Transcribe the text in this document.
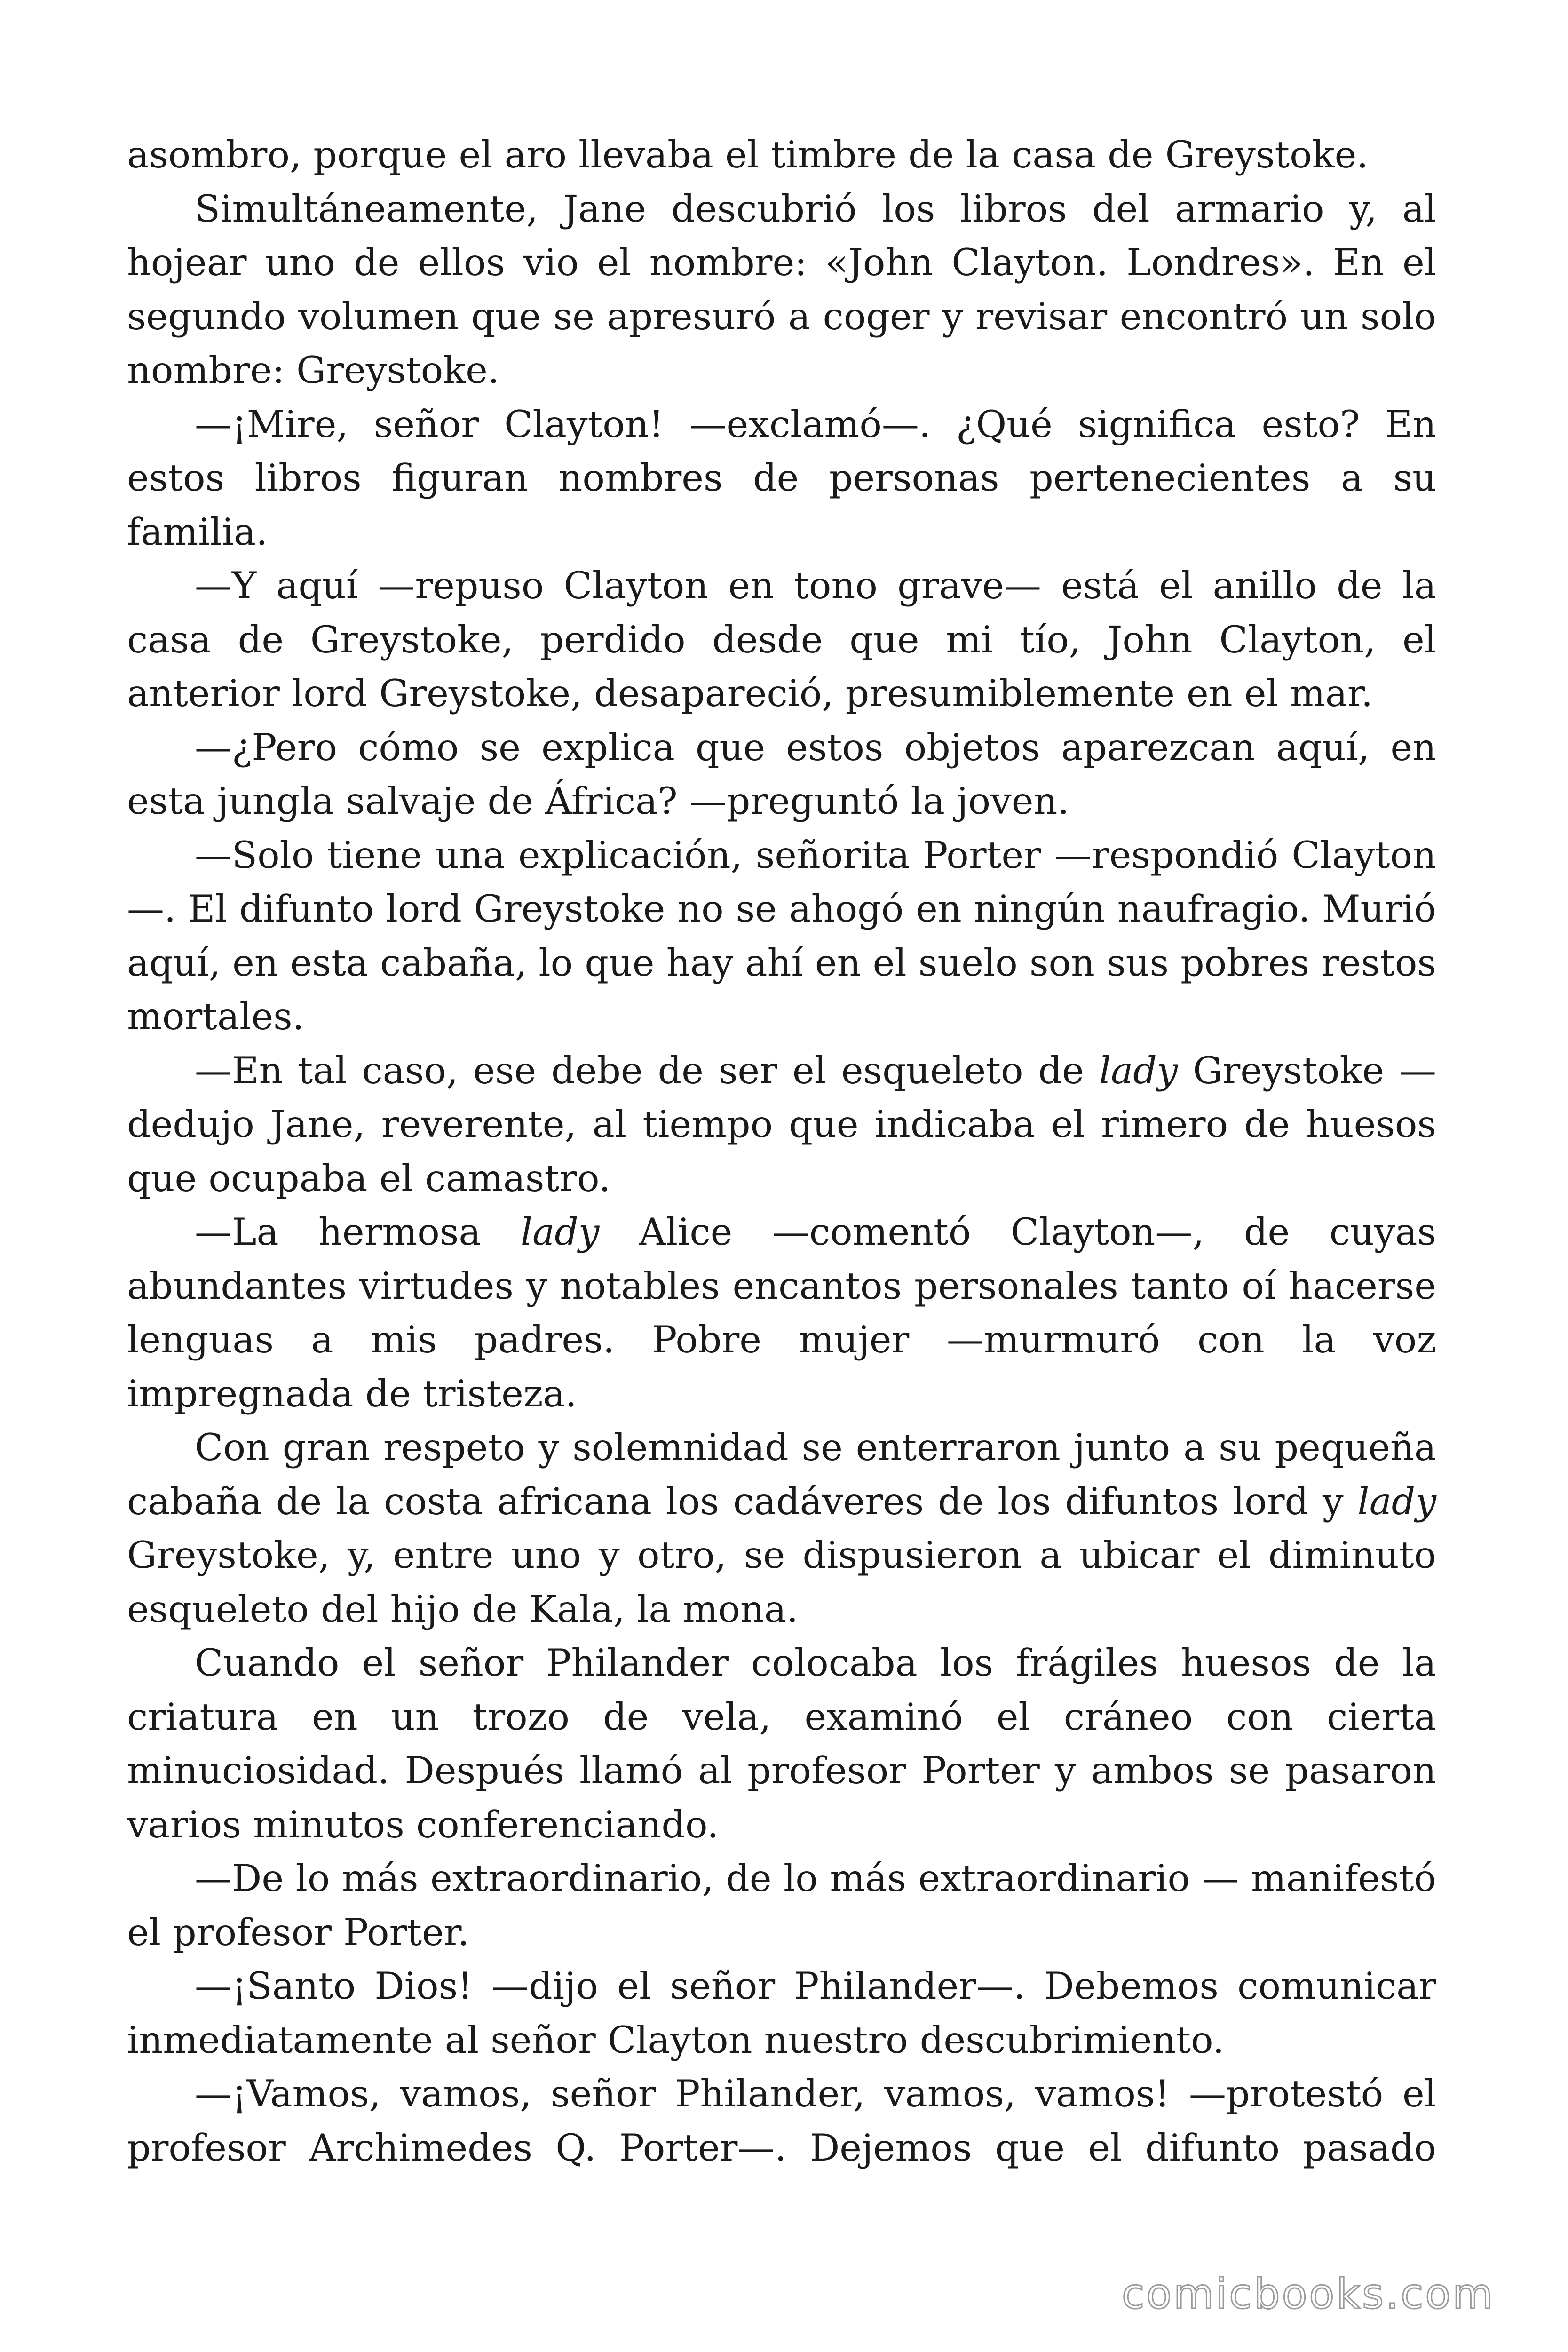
asombro, porque el aro llevaba el timbre de la casa de Greystoke.

Simultáneamente, Jane descubrió los libros del armario y, al hojear uno de ellos vio el nombre: «John Clayton. Londres». En el segundo volumen que se apresuró a coger y revisar encontró un solo nombre: Greystoke.

—¡Mire, señor Clayton! —exclamó—. ¿Qué significa esto? En estos libros figuran nombres de personas pertenecientes a su familia.

—Y aquí —repuso Clayton en tono grave— está el anillo de la casa de Greystoke, perdido desde que mi tío, John Clayton, el anterior lord Greystoke, desapareció, presumiblemente en el mar.

—¿Pero cómo se explica que estos objetos aparezcan aquí, en esta jungla salvaje de África? —preguntó la joven.

—Solo tiene una explicación, señorita Porter —respondió Clayton—. El difunto lord Greystoke no se ahogó en ningún naufragio. Murió aquí, en esta cabaña, lo que hay ahí en el suelo son sus pobres restos mortales.

—En tal caso, ese debe de ser el esqueleto de lady Greystoke — dedujo Jane, reverente, al tiempo que indicaba el rimero de huesos que ocupaba el camastro.

—La hermosa lady Alice —comentó Clayton—, de cuyas abundantes virtudes y notables encantos personales tanto oí hacerse lenguas a mis padres. Pobre mujer —murmuró con la voz impregnada de tristeza.

Con gran respeto y solemnidad se enterraron junto a su pequeña cabaña de la costa africana los cadáveres de los difuntos lord y lady Greystoke, y, entre uno y otro, se dispusieron a ubicar el diminuto esqueleto del hijo de Kala, la mona.

Cuando el señor Philander colocaba los frágiles huesos de la criatura en un trozo de vela, examinó el cráneo con cierta minuciosidad. Después llamó al profesor Porter y ambos se pasaron varios minutos conferenciando.

—De lo más extraordinario, de lo más extraordinario — manifestó el profesor Porter.

—¡Santo Dios! —dijo el señor Philander—. Debemos comunicar inmediatamente al señor Clayton nuestro descubrimiento.

—¡Vamos, vamos, señor Philander, vamos, vamos! —protestó el profesor Archimedes Q. Porter—. Dejemos que el difunto pasado

comicbooks.com
